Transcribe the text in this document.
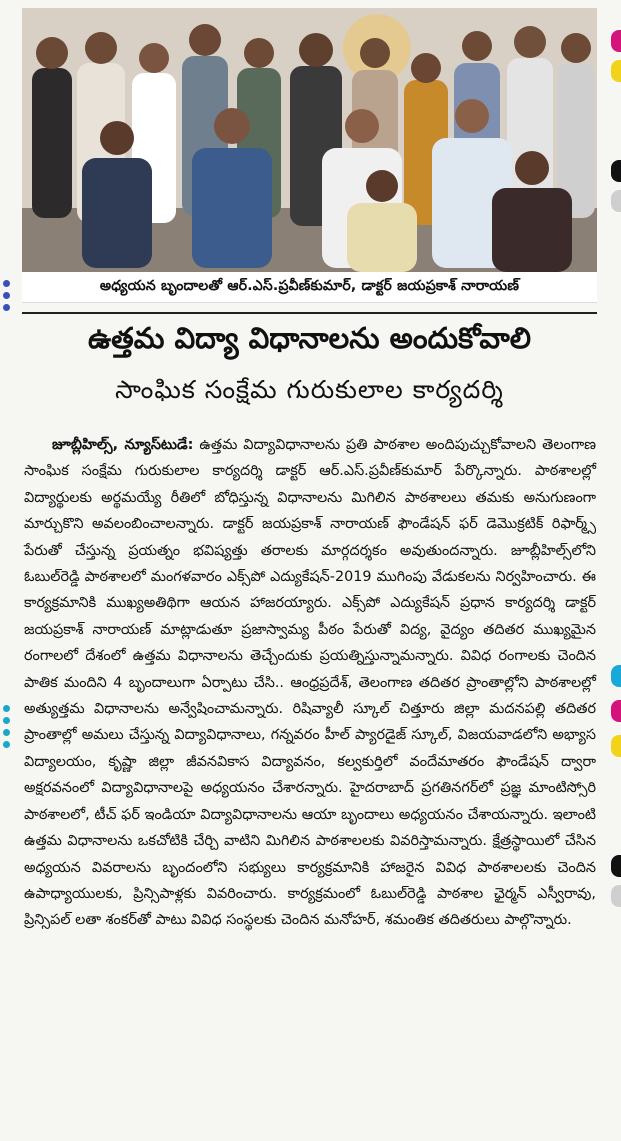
అధ్యయన బృందాలతో ఆర్.ఎస్.ప్రవీణ్‌కుమార్, డాక్టర్ జయప్రకాశ్ నారాయణ్
ఉత్తమ విద్యా విధానాలను అందుకోవాలి
సాంఘిక సంక్షేమ గురుకులాల కార్యదర్శి
జూబ్లీహిల్స్, న్యూస్‌టుడే: ఉత్తమ విద్యావిధానాలను ప్రతి పాఠశాల అందిపుచ్చుకోవాలని తెలంగాణ సాంఘిక సంక్షేమ గురుకులాల కార్యదర్శి డాక్టర్ ఆర్.ఎస్.ప్రవీణ్‌కుమార్ పేర్కొన్నారు. పాఠశాలల్లో విద్యార్థులకు అర్థమయ్యే రీతిలో బోధిస్తున్న విధానాలను మిగిలిన పాఠశాలలు తమకు అనుగుణంగా మార్చుకొని అవలంబించాలన్నారు. డాక్టర్ జయప్రకాశ్ నారాయణ్ ఫౌండేషన్ ఫర్ డెమొక్రటిక్ రిఫార్మ్స్ పేరుతో చేస్తున్న ప్రయత్నం భవిష్యత్తు తరాలకు మార్గదర్శకం అవుతుందన్నారు. జూబ్లీహిల్స్‌లోని ఓబుల్‌రెడ్డి పాఠశాలలో మంగళవారం ఎక్స్‌పో ఎద్యుకేషన్-2019 ముగింపు వేడుకలను నిర్వహించారు. ఈ కార్యక్రమానికి ముఖ్యఅతిథిగా ఆయన హాజరయ్యారు. ఎక్స్‌పో ఎద్యుకేషన్ ప్రధాన కార్యదర్శి డాక్టర్ జయప్రకాశ్ నారాయణ్ మాట్లాడుతూ ప్రజాస్వామ్య పీఠం పేరుతో విద్య, వైద్యం తదితర ముఖ్యమైన రంగాలలో దేశంలో ఉత్తమ విధానాలను తెచ్చేందుకు ప్రయత్నిస్తున్నామన్నారు. వివిధ రంగాలకు చెందిన పాతిక మందిని 4 బృందాలుగా ఏర్పాటు చేసి.. ఆంధ్రప్రదేశ్, తెలంగాణ తదితర ప్రాంతాల్లోని పాఠశాలల్లో అత్యుత్తమ విధానాలను అన్వేషించామన్నారు. రిషివ్యాలీ స్కూల్ చిత్తూరు జిల్లా మదనపల్లి తదితర ప్రాంతాల్లో అమలు చేస్తున్న విద్యావిధానాలు, గన్నవరం హీల్ ప్యారడైజ్ స్కూల్, విజయవాడలోని అభ్యాస విద్యాలయం, కృష్ణా జిల్లా జీవనవికాస విద్యావనం, కల్వకుర్తిలో వందేమాతరం ఫౌండేషన్ ద్వారా అక్షరవనంలో విద్యావిధానాలపై అధ్యయనం చేశారన్నారు. హైదరాబాద్ ప్రగతినగర్‌లో ప్రజ్ఞ మాంటిస్సోరి పాఠశాలలో, టీచ్ ఫర్ ఇండియా విద్యావిధానాలను ఆయా బృందాలు అధ్యయనం చేశాయన్నారు. ఇలాంటి ఉత్తమ విధానాలను ఒకచోటికి చేర్చి వాటిని మిగిలిన పాఠశాలలకు వివరిస్తామన్నారు. క్షేత్రస్థాయిలో చేసిన అధ్యయన వివరాలను బృందంలోని సభ్యులు కార్యక్రమానికి హాజరైన వివిధ పాఠశాలలకు చెందిన ఉపాధ్యాయులకు, ప్రిన్సిపాళ్లకు వివరించారు. కార్యక్రమంలో ఓబుల్‌రెడ్డి పాఠశాల ఛైర్మన్ ఎస్వీరావు, ప్రిన్సిపల్ లతా శంకర్‌తో పాటు వివిధ సంస్థలకు చెందిన మనోహర్, శమంతిక తదితరులు పాల్గొన్నారు.
